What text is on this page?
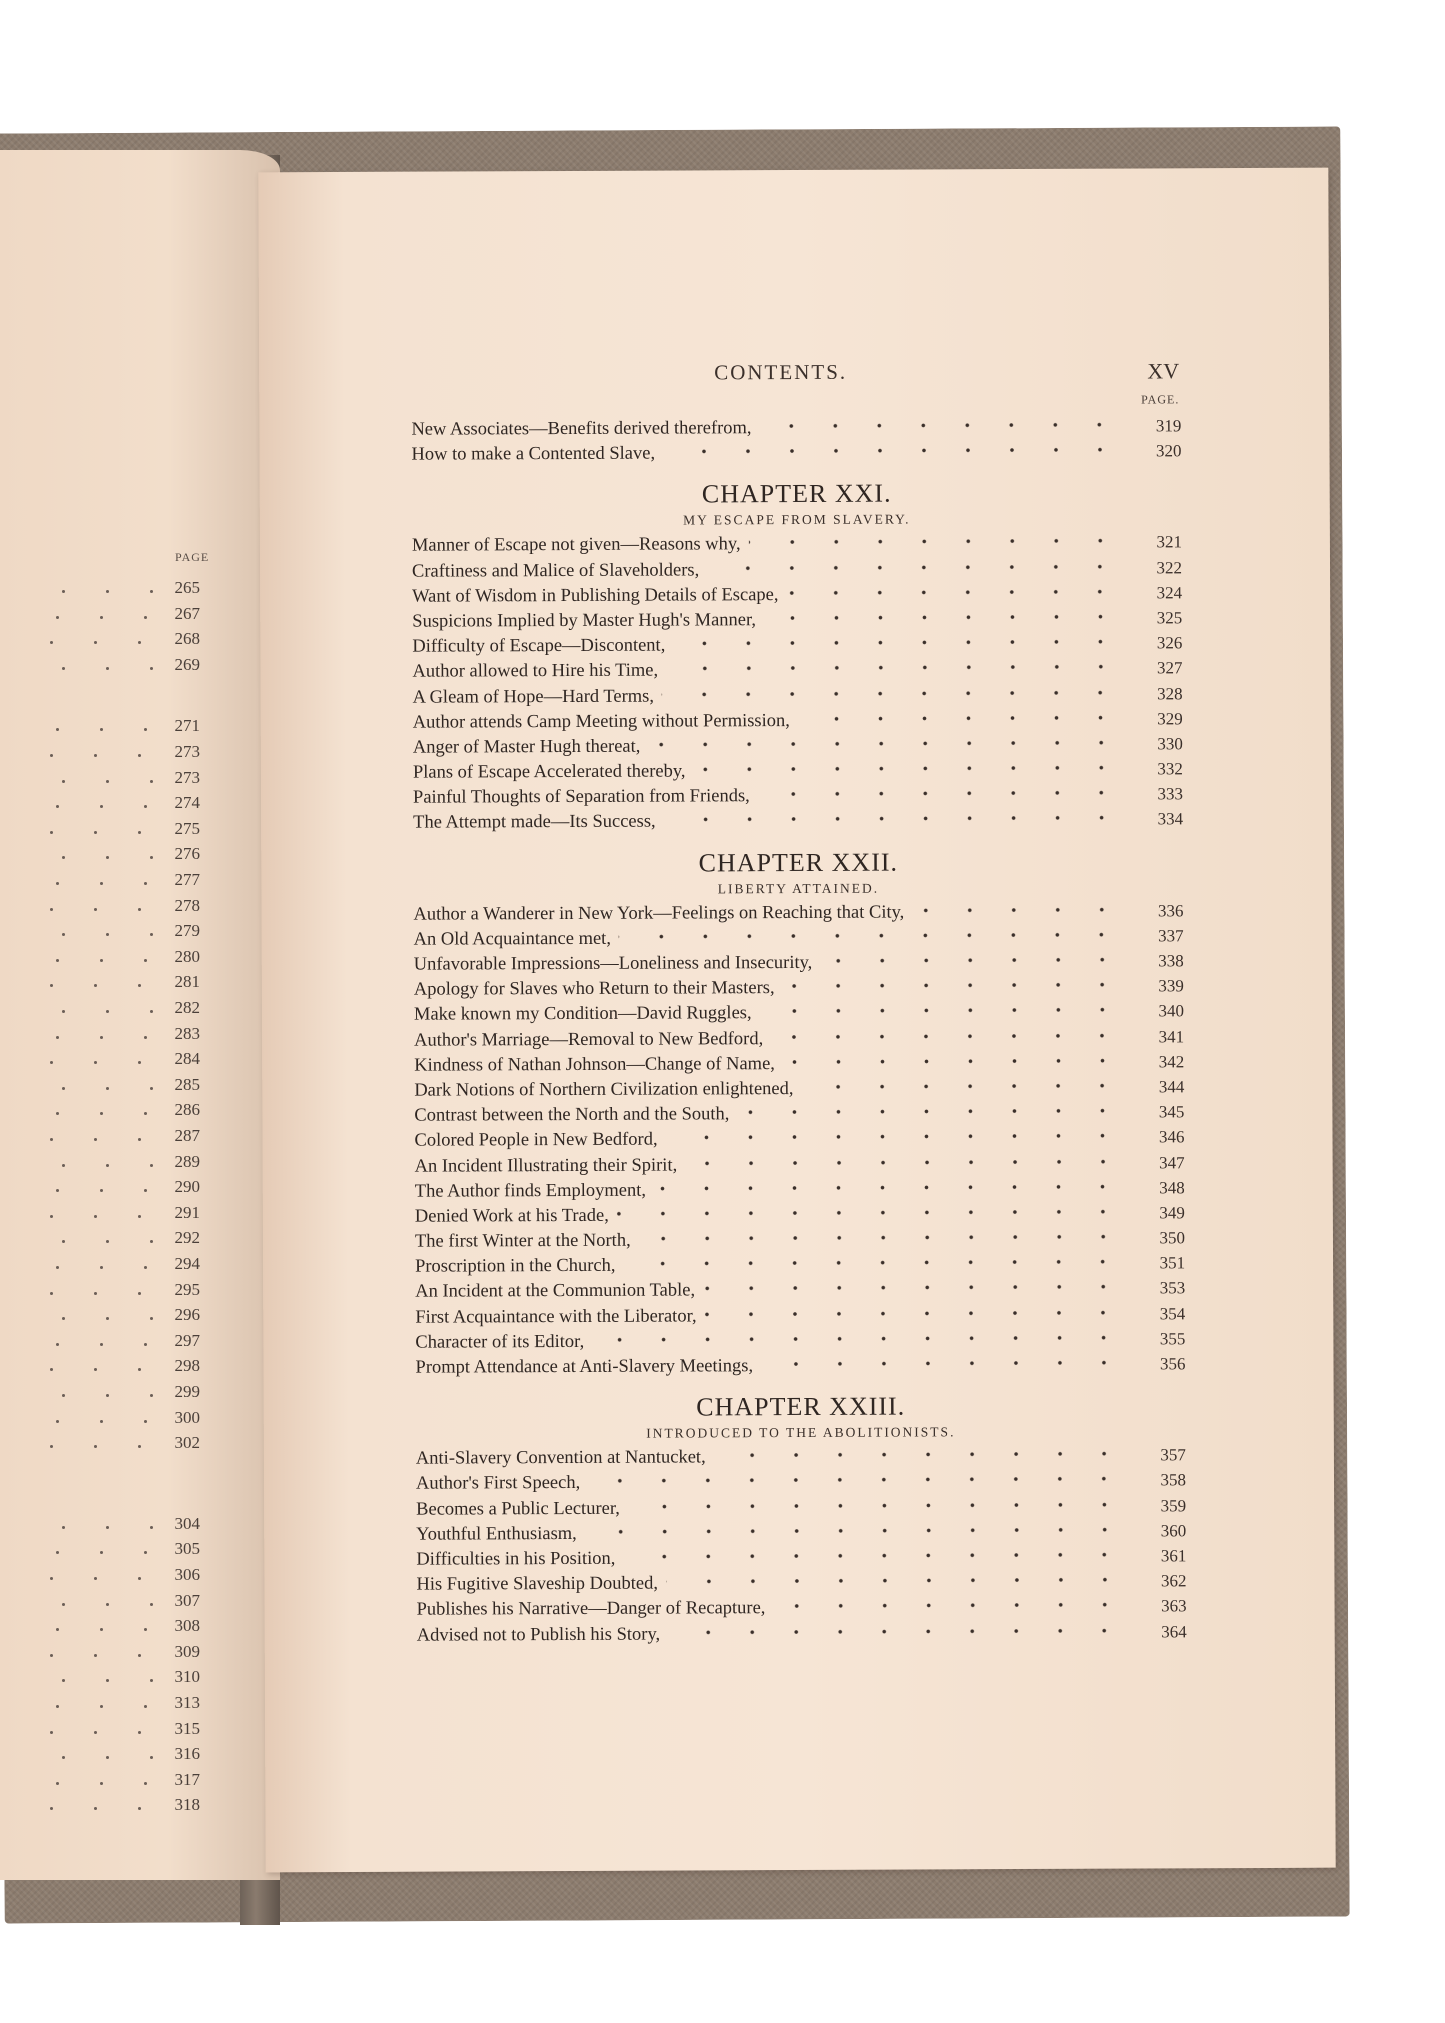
PAGE
265
267
268
269
271
273
273
274
275
276
277
278
279
280
281
282
283
284
285
286
287
289
290
291
292
294
295
296
297
298
299
300
302
304
305
306
307
308
309
310
313
315
316
317
318
CONTENTS.	XV
PAGE.
New Associates—Benefits derived therefrom,	319
How to make a Contented Slave,	320
CHAPTER XXI.
MY ESCAPE FROM SLAVERY.
Manner of Escape not given—Reasons why,	321
Craftiness and Malice of Slaveholders,	322
Want of Wisdom in Publishing Details of Escape,	324
Suspicions Implied by Master Hugh's Manner,	325
Difficulty of Escape—Discontent,	326
Author allowed to Hire his Time,	327
A Gleam of Hope—Hard Terms,	328
Author attends Camp Meeting without Permission,	329
Anger of Master Hugh thereat,	330
Plans of Escape Accelerated thereby,	332
Painful Thoughts of Separation from Friends,	333
The Attempt made—Its Success,	334
CHAPTER XXII.
LIBERTY ATTAINED.
Author a Wanderer in New York—Feelings on Reaching that City,	336
An Old Acquaintance met,	337
Unfavorable Impressions—Loneliness and Insecurity,	338
Apology for Slaves who Return to their Masters,	339
Make known my Condition—David Ruggles,	340
Author's Marriage—Removal to New Bedford,	341
Kindness of Nathan Johnson—Change of Name,	342
Dark Notions of Northern Civilization enlightened,	344
Contrast between the North and the South,	345
Colored People in New Bedford,	346
An Incident Illustrating their Spirit,	347
The Author finds Employment,	348
Denied Work at his Trade,	349
The first Winter at the North,	350
Proscription in the Church,	351
An Incident at the Communion Table,	353
First Acquaintance with the Liberator,	354
Character of its Editor,	355
Prompt Attendance at Anti-Slavery Meetings,	356
CHAPTER XXIII.
INTRODUCED TO THE ABOLITIONISTS.
Anti-Slavery Convention at Nantucket,	357
Author's First Speech,	358
Becomes a Public Lecturer,	359
Youthful Enthusiasm,	360
Difficulties in his Position,	361
His Fugitive Slaveship Doubted,	362
Publishes his Narrative—Danger of Recapture,	363
Advised not to Publish his Story,	364
